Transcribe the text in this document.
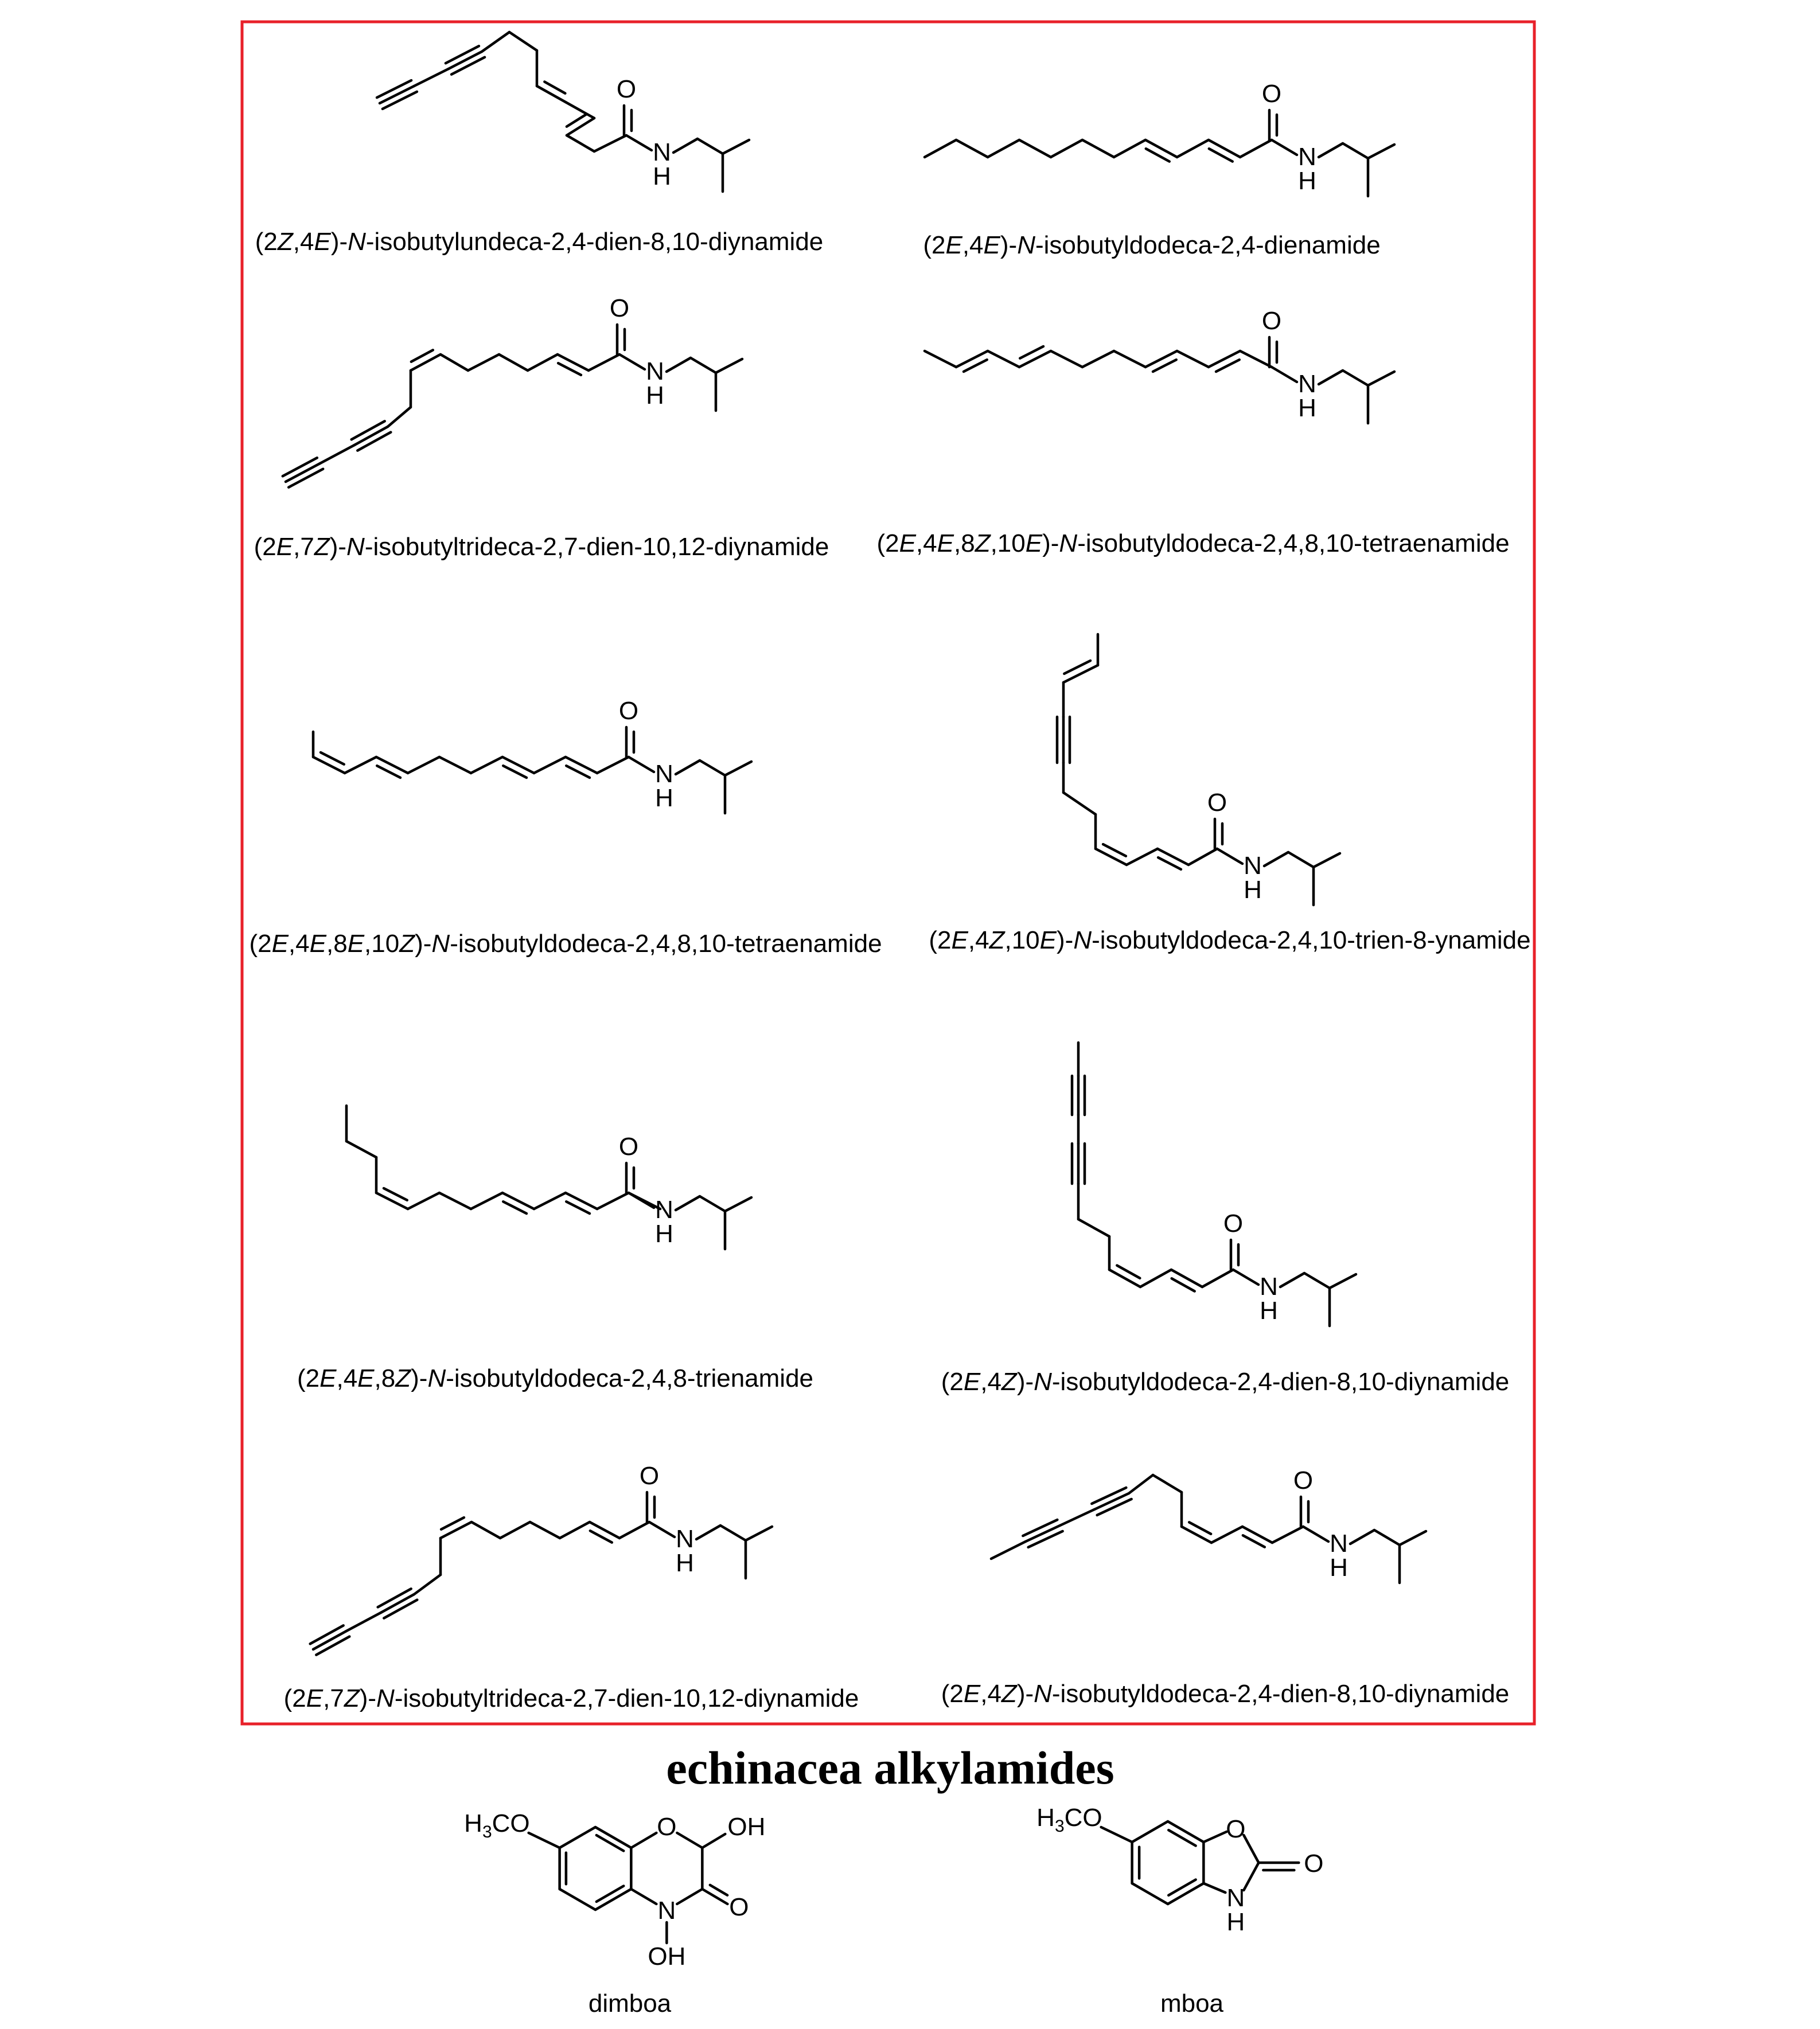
O
N
H
(2Z,4E)-N-isobutylundeca-2,4-dien-8,10-diynamide
O
N
H
(2E,4E)-N-isobutyldodeca-2,4-dienamide
O
N
H
(2E,7Z)-N-isobutyltrideca-2,7-dien-10,12-diynamide
O
N
H
(2E,4E,8Z,10E)-N-isobutyldodeca-2,4,8,10-tetraenamide
O
N
H
(2E,4E,8E,10Z)-N-isobutyldodeca-2,4,8,10-tetraenamide
O
N
H
(2E,4Z,10E)-N-isobutyldodeca-2,4,10-trien-8-ynamide
O
N
H
(2E,4E,8Z)-N-isobutyldodeca-2,4,8-trienamide
O
N
H
(2E,4Z)-N-isobutyldodeca-2,4-dien-8,10-diynamide
O
N
H
(2E,7Z)-N-isobutyltrideca-2,7-dien-10,12-diynamide
O
N
H
(2E,4Z)-N-isobutyldodeca-2,4-dien-8,10-diynamide
$H_3CO$	O
N
OH
O
OH
dimboa
$H_3CO$	O
N
H
O
mboa
echinacea alkylamides
